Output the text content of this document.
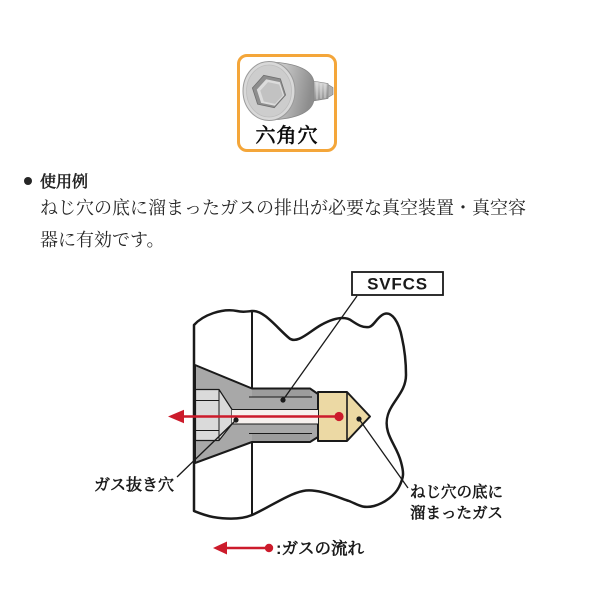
SVFCS
ガス抜き穴	ねじ穴の底に
溜まったガス
:ガスの流れ
六角穴
使用例

ねじ穴の底に溜まったガスの排出が必要な真空装置・真空容

器に有効です。
